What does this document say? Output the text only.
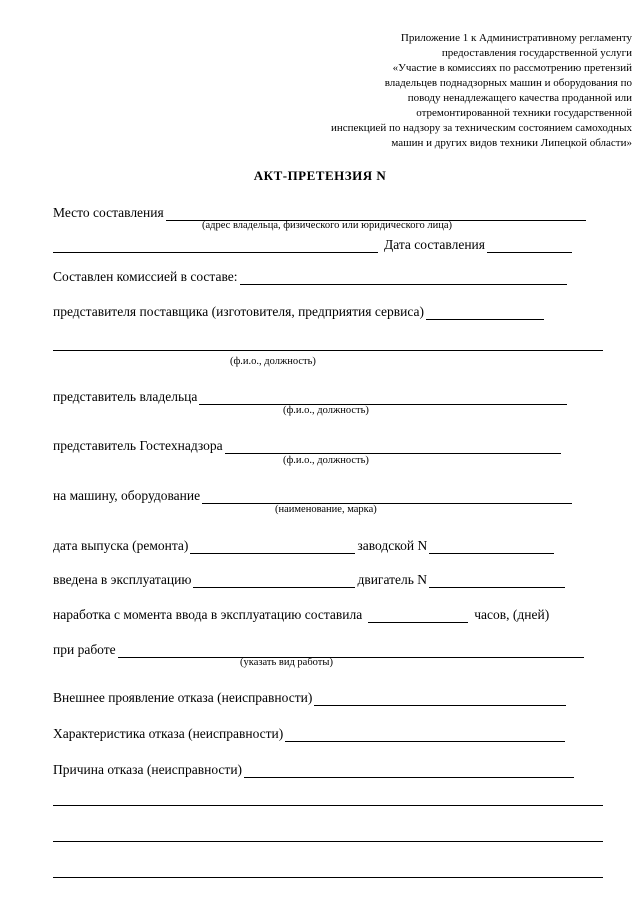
Приложение 1 к Административному регламенту
предоставления государственной услуги
«Участие в комиссиях по рассмотрению претензий
владельцев поднадзорных машин и оборудования по
поводу ненадлежащего качества проданной или
отремонтированной техники государственной
инспекцией по надзору за техническим состоянием самоходных
машин и других видов техники Липецкой области»
АКТ-ПРЕТЕНЗИЯ N
Место составления
(адрес владельца, физического или юридического лица)
Дата составления
Составлен комиссией в составе:
представителя поставщика (изготовителя, предприятия сервиса)
(ф.и.о., должность)
представитель владельца
(ф.и.о., должность)
представитель Гостехнадзора
(ф.и.о., должность)
на машину, оборудование
(наименование, марка)
дата выпуска (ремонта)	заводской N
введена в эксплуатацию	двигатель N
наработка с момента ввода в эксплуатацию составила	часов, (дней)
при работе
(указать вид работы)
Внешнее проявление отказа (неисправности)
Характеристика отказа (неисправности)
Причина отказа (неисправности)
